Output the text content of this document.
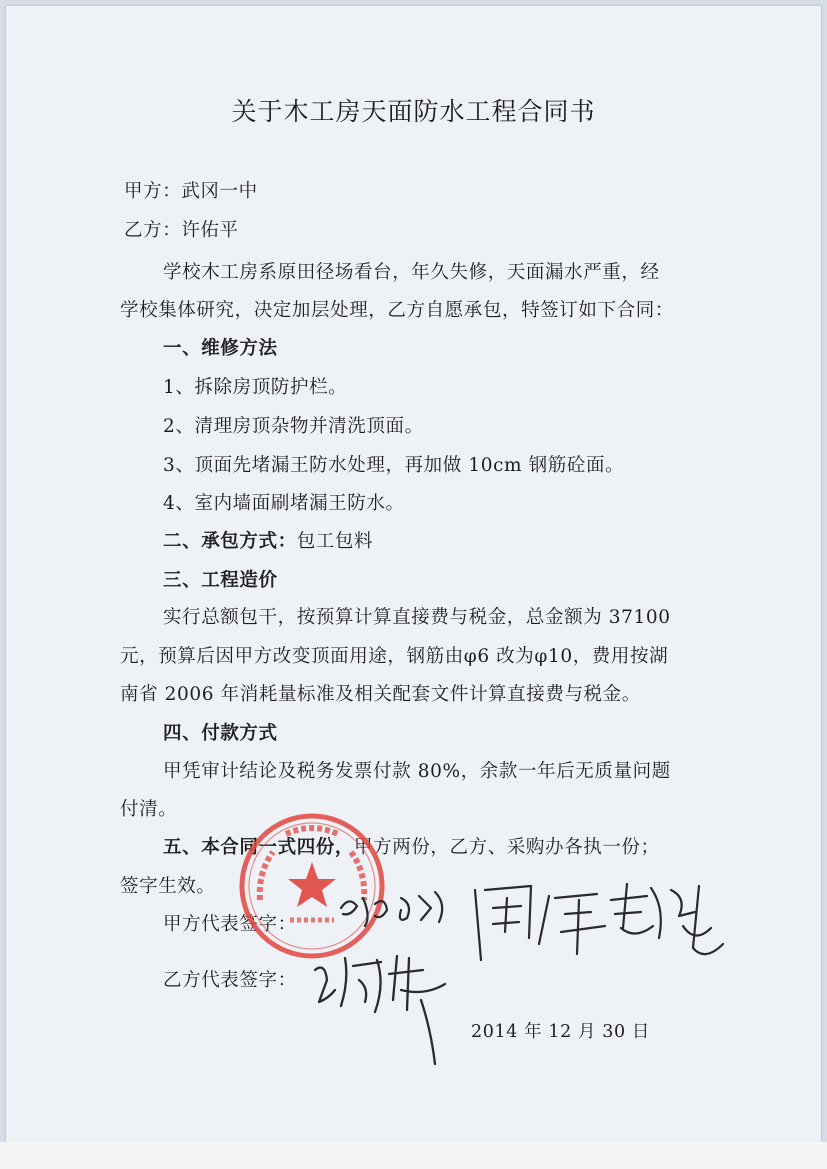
关于木工房天面防水工程合同书
甲方：武冈一中
乙方：许佑平
学校木工房系原田径场看台，年久失修，天面漏水严重，经
学校集体研究，决定加层处理，乙方自愿承包，特签订如下合同：
一、维修方法
1、拆除房顶防护栏。
2、清理房顶杂物并清洗顶面。
3、顶面先堵漏王防水处理，再加做 10cm 钢筋砼面。
4、室内墙面刷堵漏王防水。
二、承包方式：包工包料
三、工程造价
实行总额包干，按预算计算直接费与税金，总金额为 37100
元，预算后因甲方改变顶面用途，钢筋由φ6 改为φ10，费用按湖
南省 2006 年消耗量标准及相关配套文件计算直接费与税金。
四、付款方式
甲凭审计结论及税务发票付款 80%，余款一年后无质量问题
付清。
五、本合同一式四份，甲方两份，乙方、采购办各执一份；
签字生效。
甲方代表签字：
乙方代表签字：
2014 年 12 月 30 日
